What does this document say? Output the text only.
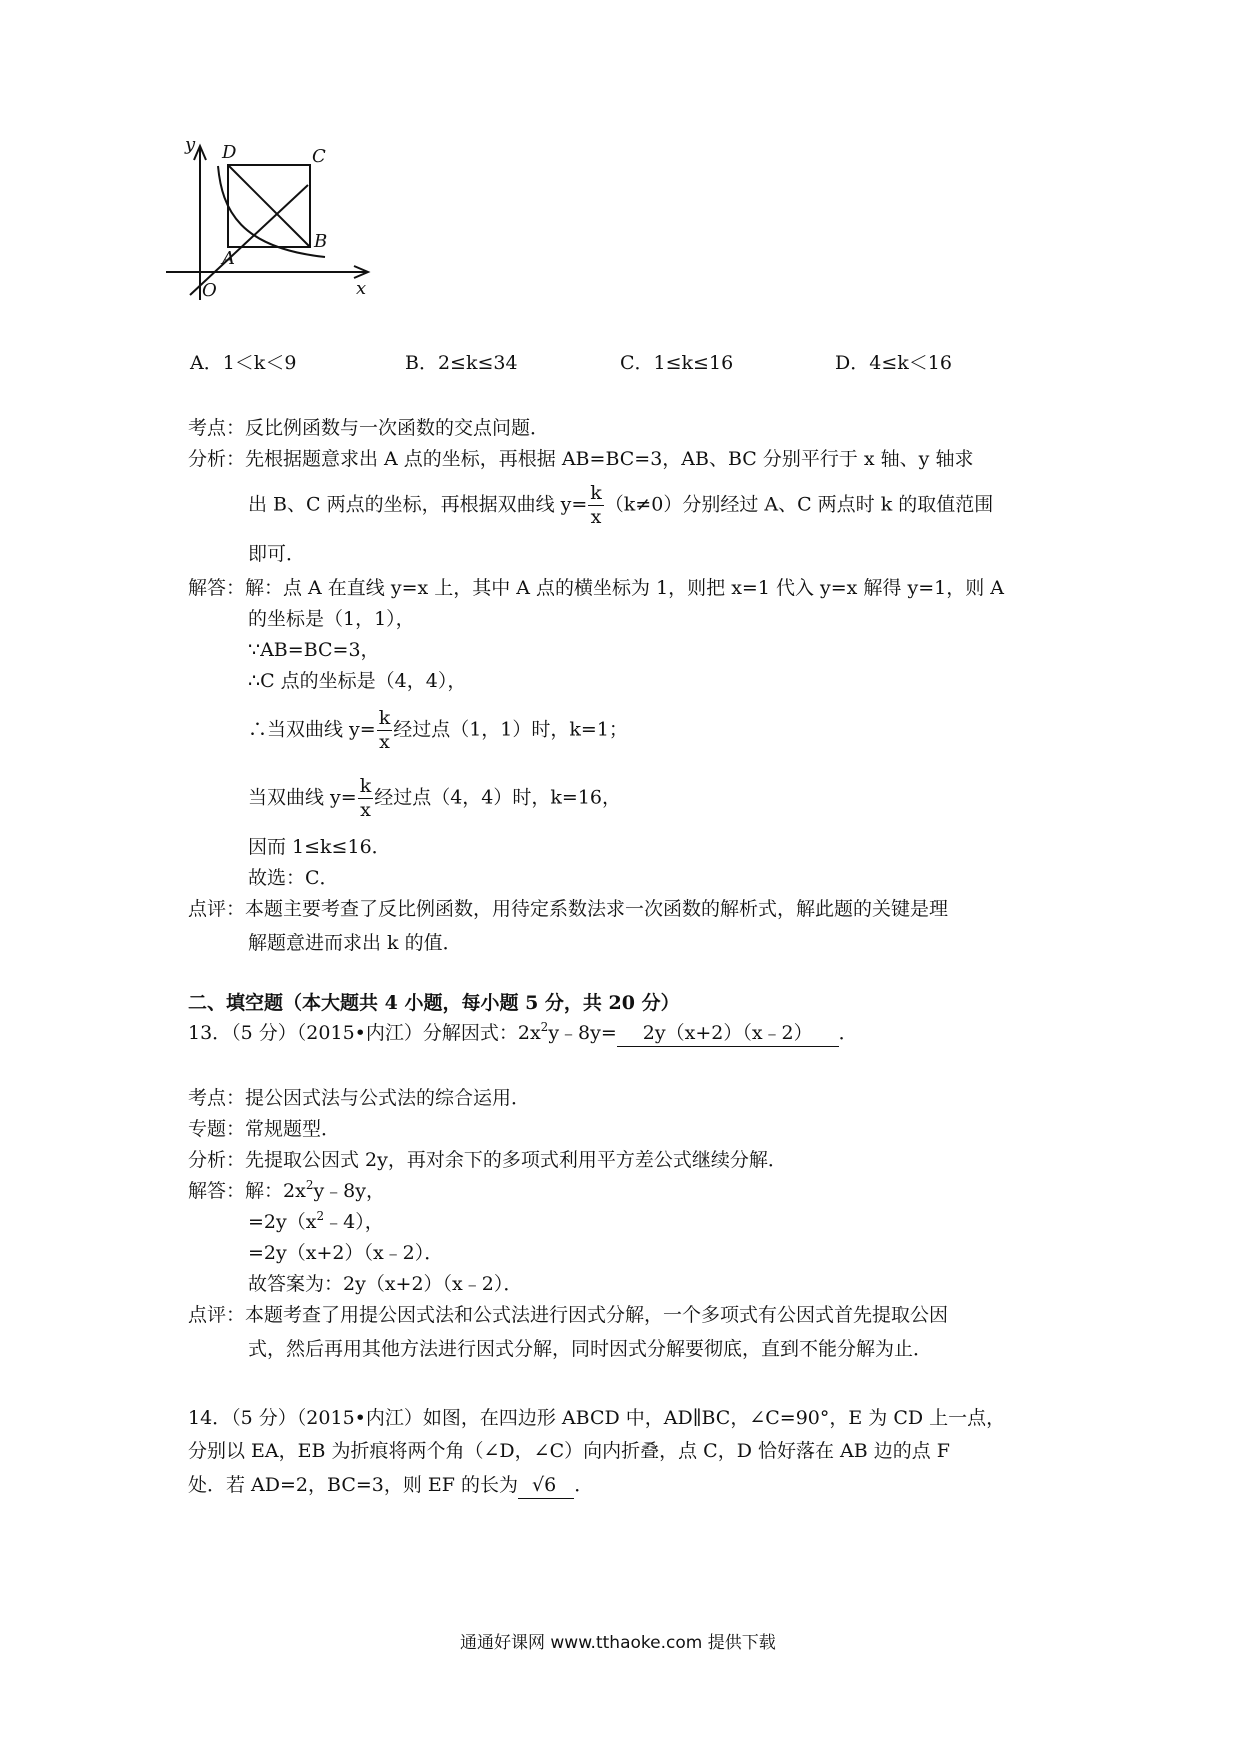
y
x
O
A
B
C
D
A．1＜k＜9	B．2≤k≤34	C．1≤k≤16	D．4≤k＜16
考点：反比例函数与一次函数的交点问题．
分析：先根据题意求出 A 点的坐标，再根据 AB=BC=3，AB、BC 分别平行于 x 轴、y 轴求
出 B、C 两点的坐标，再根据双曲线 $y= \frac{k}{x} (k\ne 0)$分别经过 A、C 两点时 k 的取值范围
即可．
解答：解：点 A 在直线 y=x 上，其中 A 点的横坐标为 1，则把 x=1 代入 y=x 解得 y=1，则 A
的坐标是（1，1），
∵AB=BC=3，
∴C 点的坐标是（4，4），
∴当双曲线 $y= \frac{k}{x}$ 经过点（1，1）时，k=1；
当双曲线 $y= \frac{k}{x}$ 经过点（4，4）时，k=16，
因而 1≤k≤16．
故选：C．
点评：本题主要考查了反比例函数，用待定系数法求一次函数的解析式，解此题的关键是理
解题意进而求出 k 的值．
二、填空题（本大题共 4 小题，每小题 5 分，共 20 分）
13．（5 分）（2015•内江）分解因式：$2x^2y﹣8y=$ 2y（x+2）（x﹣2） ．
考点：提公因式法与公式法的综合运用．
专题：常规题型．
分析：先提取公因式 2y，再对余下的多项式利用平方差公式继续分解．
解答：解：$2x^2y﹣8y$，
$=2y(x^2﹣4)$，
=2y（x+2）（x﹣2）．
故答案为：2y（x+2）（x﹣2）．
点评：本题考查了用提公因式法和公式法进行因式分解，一个多项式有公因式首先提取公因
式，然后再用其他方法进行因式分解，同时因式分解要彻底，直到不能分解为止．
14．（5 分）（2015•内江）如图，在四边形 ABCD 中，AD∥BC，∠C=90°，E 为 CD 上一点，
分别以 EA，EB 为折痕将两个角（∠D，∠C）向内折叠，点 C，D 恰好落在 AB 边的点 F
处．若 AD=2，BC=3，则 EF 的长为 √6 ．
通通好课网 www.tthaoke.com 提供下载
